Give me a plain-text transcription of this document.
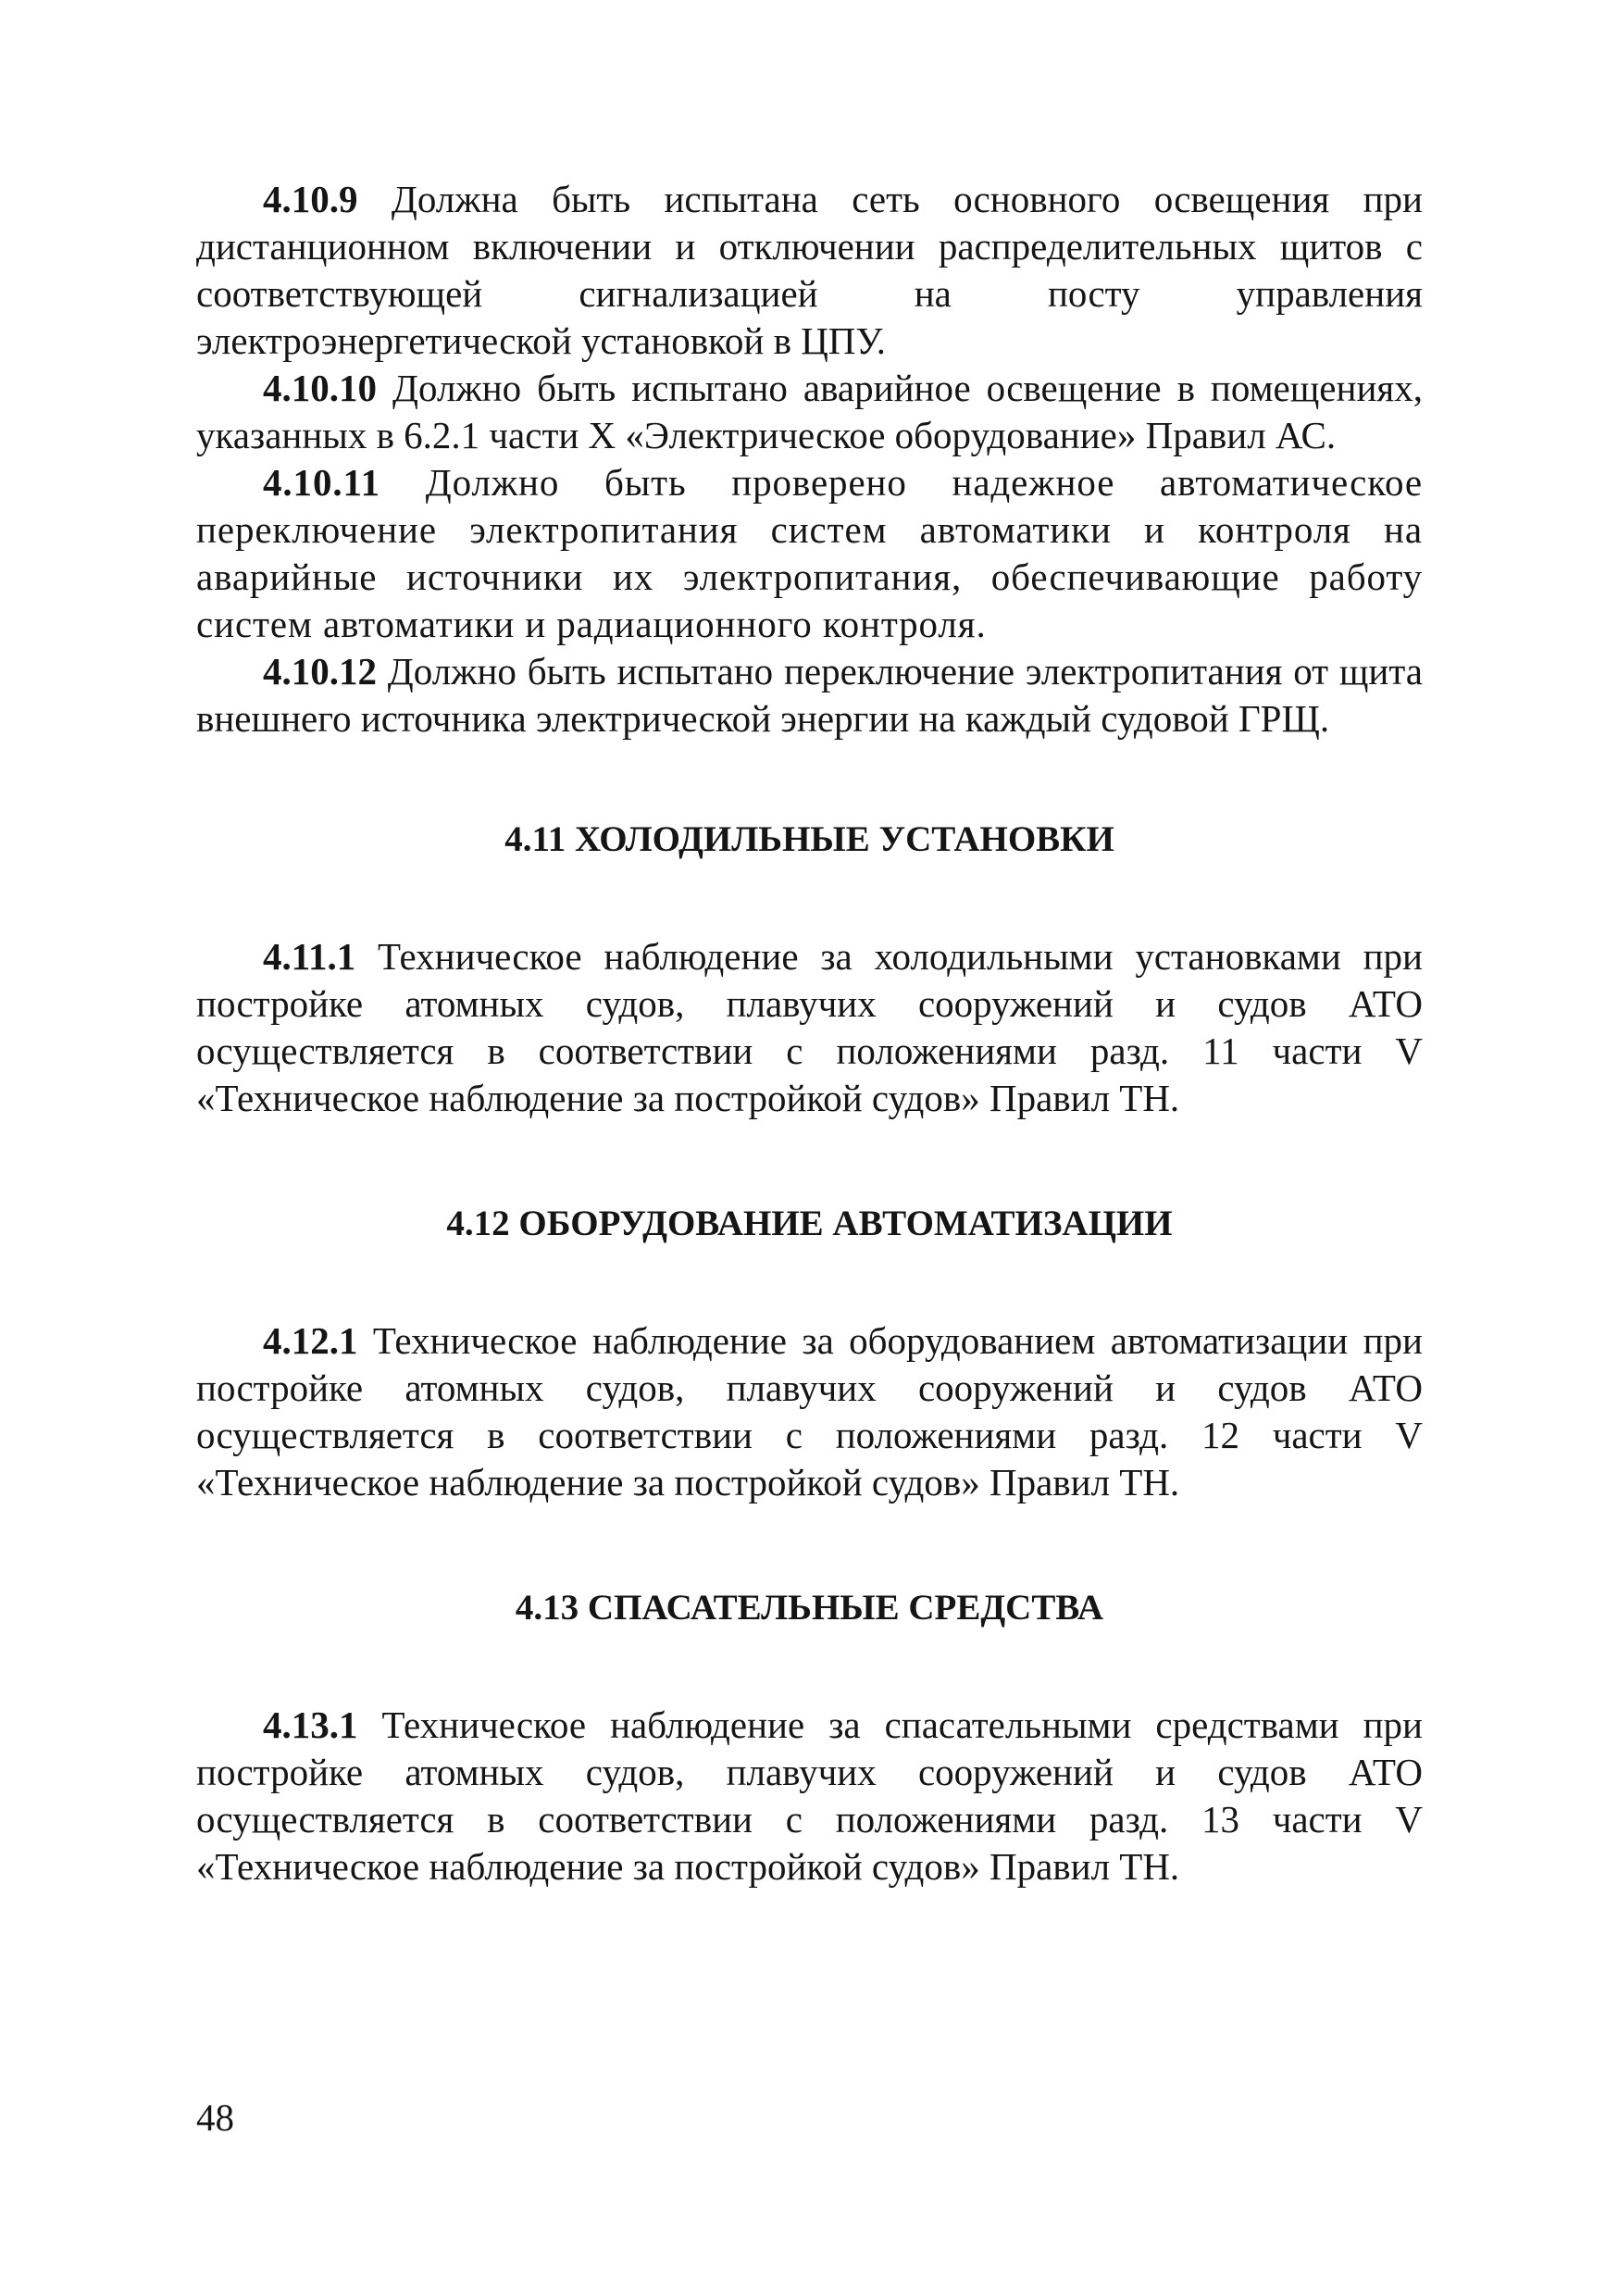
4.10.9 Должна быть испытана сеть основного освещения при дистанционном включении и отключении распределительных щитов с соответствующей сигнализацией на посту управления электроэнергетической установкой в ЦПУ.

4.10.10 Должно быть испытано аварийное освещение в помещениях, указанных в 6.2.1 части X «Электрическое оборудование» Правил АС.

4.10.11 Должно быть проверено надежное автоматическое переключение электропитания систем автоматики и контроля на аварийные источники их электропитания, обеспечивающие работу систем автоматики и радиационного контроля.

4.10.12 Должно быть испытано переключение электропитания от щита внешнего источника электрической энергии на каждый судовой ГРЩ.

4.11 ХОЛОДИЛЬНЫЕ УСТАНОВКИ

4.11.1 Техническое наблюдение за холодильными установками при постройке атомных судов, плавучих сооружений и судов АТО осуществляется в соответствии с положениями разд. 11 части V «Техническое наблюдение за постройкой судов» Правил ТН.

4.12 ОБОРУДОВАНИЕ АВТОМАТИЗАЦИИ

4.12.1 Техническое наблюдение за оборудованием автоматизации при постройке атомных судов, плавучих сооружений и судов АТО осуществляется в соответствии с положениями разд. 12 части V «Техническое наблюдение за постройкой судов» Правил ТН.

4.13 СПАСАТЕЛЬНЫЕ СРЕДСТВА

4.13.1 Техническое наблюдение за спасательными средствами при постройке атомных судов, плавучих сооружений и судов АТО осуществляется в соответствии с положениями разд. 13 части V «Техническое наблюдение за постройкой судов» Правил ТН.

48
